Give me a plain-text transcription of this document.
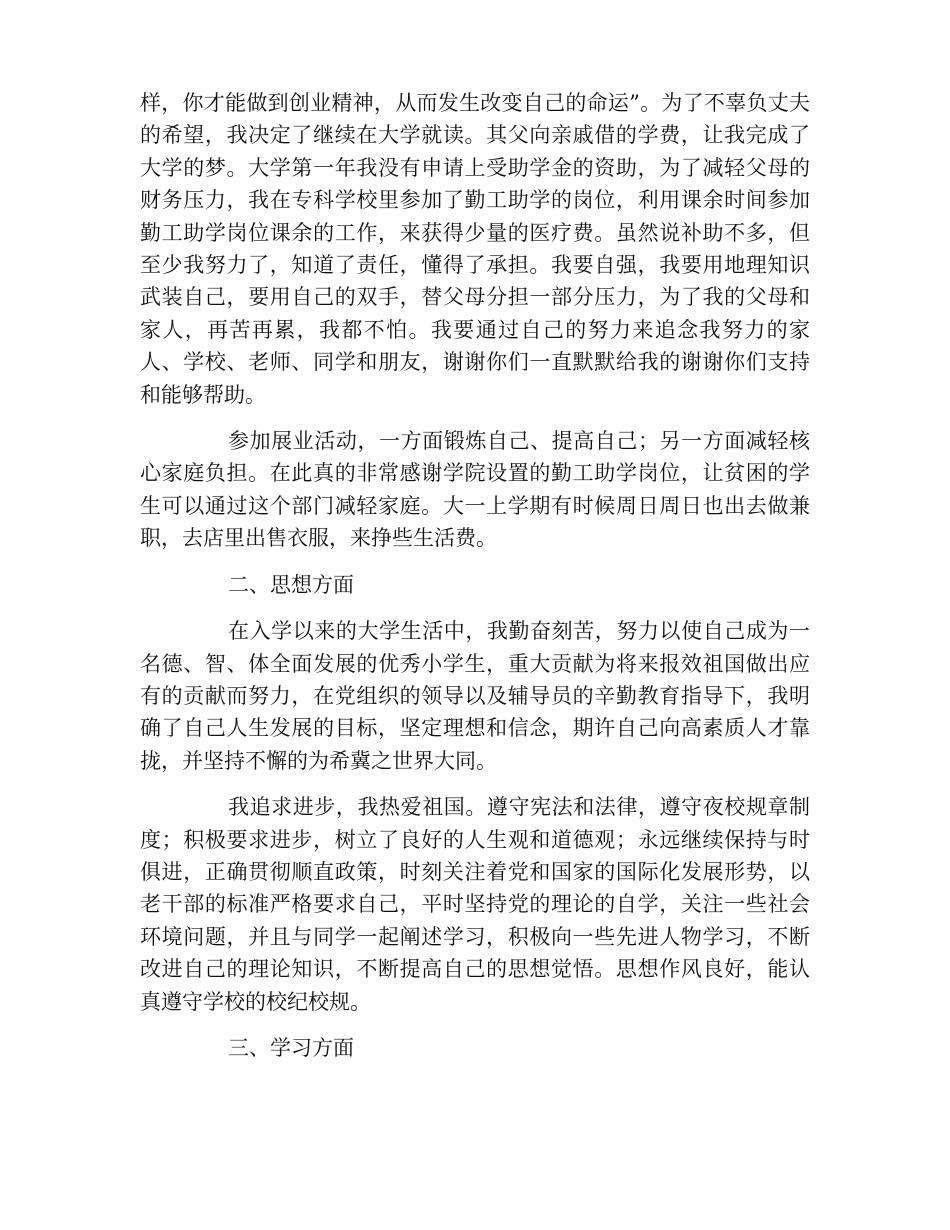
样，你才能做到创业精神，从而发生改变自己的命运”。为了不辜负丈夫的希望，我决定了继续在大学就读。其父向亲戚借的学费，让我完成了大学的梦。大学第一年我没有申请上受助学金的资助，为了减轻父母的财务压力，我在专科学校里参加了勤工助学的岗位，利用课余时间参加勤工助学岗位课余的工作，来获得少量的医疗费。虽然说补助不多，但至少我努力了，知道了责任，懂得了承担。我要自强，我要用地理知识武装自己，要用自己的双手，替父母分担一部分压力，为了我的父母和家人，再苦再累，我都不怕。我要通过自己的努力来追念我努力的家人、学校、老师、同学和朋友，谢谢你们一直默默给我的谢谢你们支持和能够帮助。

参加展业活动，一方面锻炼自己、提高自己；另一方面减轻核心家庭负担。在此真的非常感谢学院设置的勤工助学岗位，让贫困的学生可以通过这个部门减轻家庭。大一上学期有时候周日周日也出去做兼职，去店里出售衣服，来挣些生活费。

二、思想方面

在入学以来的大学生活中，我勤奋刻苦，努力以使自己成为一名德、智、体全面发展的优秀小学生，重大贡献为将来报效祖国做出应有的贡献而努力，在党组织的领导以及辅导员的辛勤教育指导下，我明确了自己人生发展的目标，坚定理想和信念，期许自己向高素质人才靠拢，并坚持不懈的为希冀之世界大同。

我追求进步，我热爱祖国。遵守宪法和法律，遵守夜校规章制度；积极要求进步，树立了良好的人生观和道德观；永远继续保持与时俱进，正确贯彻顺直政策，时刻关注着党和国家的国际化发展形势，以老干部的标准严格要求自己，平时坚持党的理论的自学，关注一些社会环境问题，并且与同学一起阐述学习，积极向一些先进人物学习，不断改进自己的理论知识，不断提高自己的思想觉悟。思想作风良好，能认真遵守学校的校纪校规。

三、学习方面
